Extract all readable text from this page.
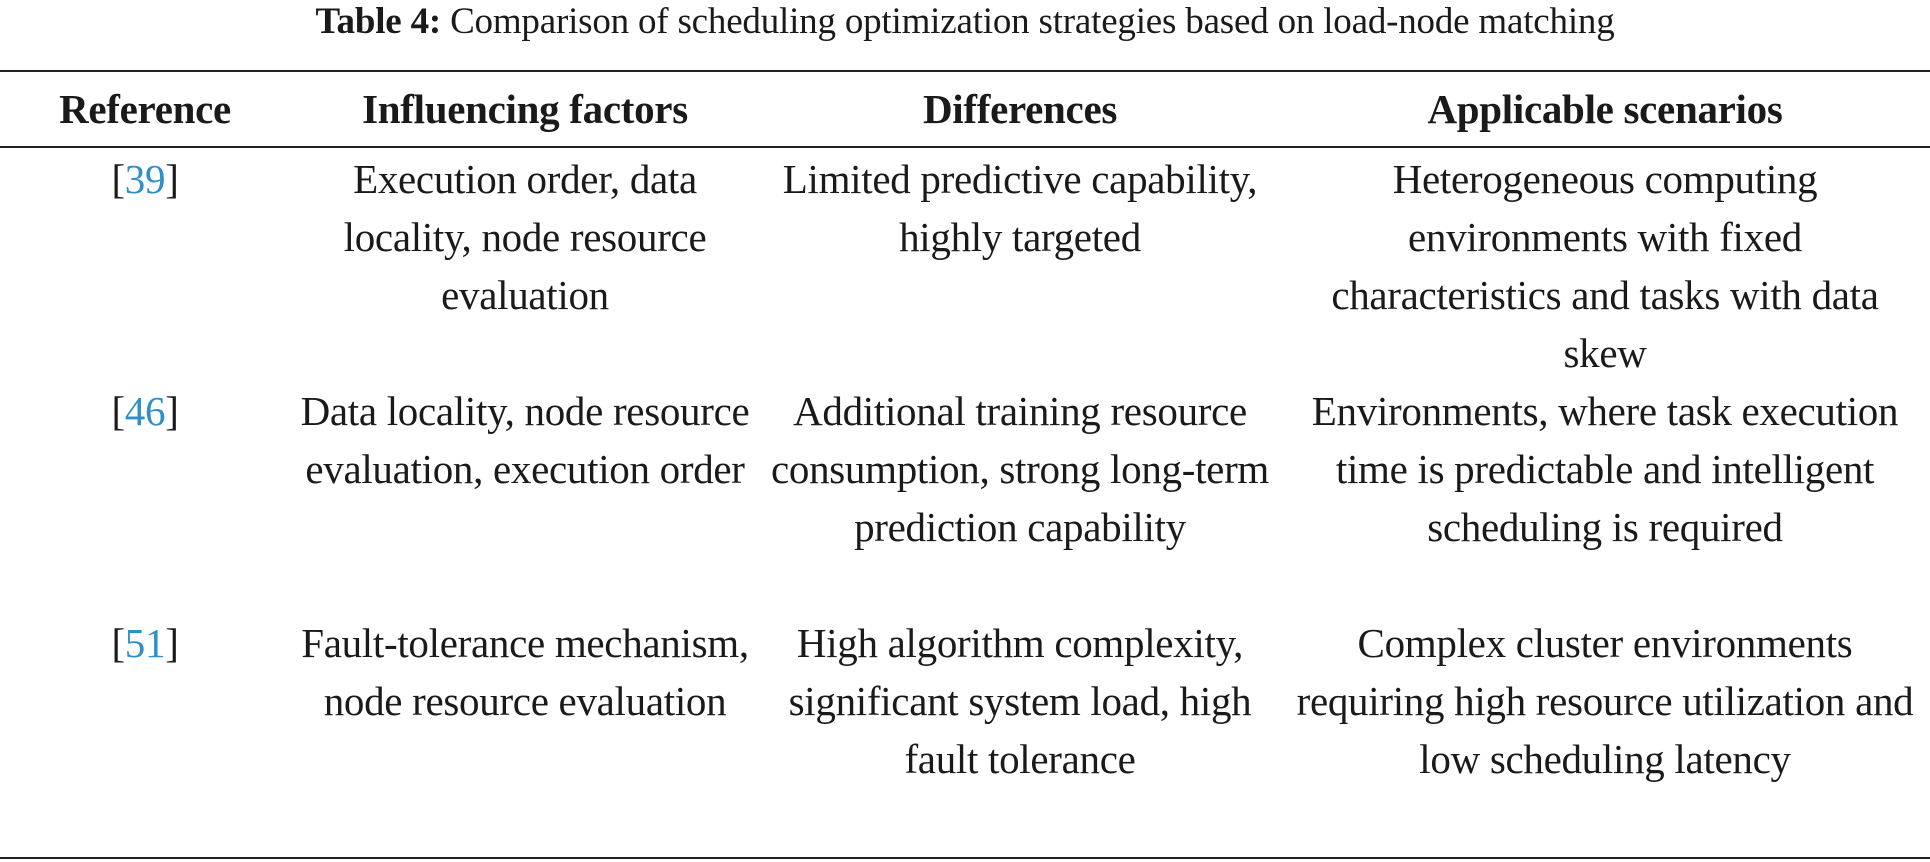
Table 4: Comparison of scheduling optimization strategies based on load-node matching
Reference	Influencing factors	Differences	Applicable scenarios
[39]	Execution order, data locality, node resource evaluation	Limited predictive capability, highly targeted	Heterogeneous computing environments with fixed characteristics and tasks with data skew
[46]	Data locality, node resource evaluation, execution order	Additional training resource consumption, strong long-term prediction capability	Environments, where task execution time is predictable and intelligent scheduling is required
[51]	Fault-tolerance mechanism, node resource evaluation	High algorithm complexity, significant system load, high fault tolerance	Complex cluster environments requiring high resource utilization and low scheduling latency
